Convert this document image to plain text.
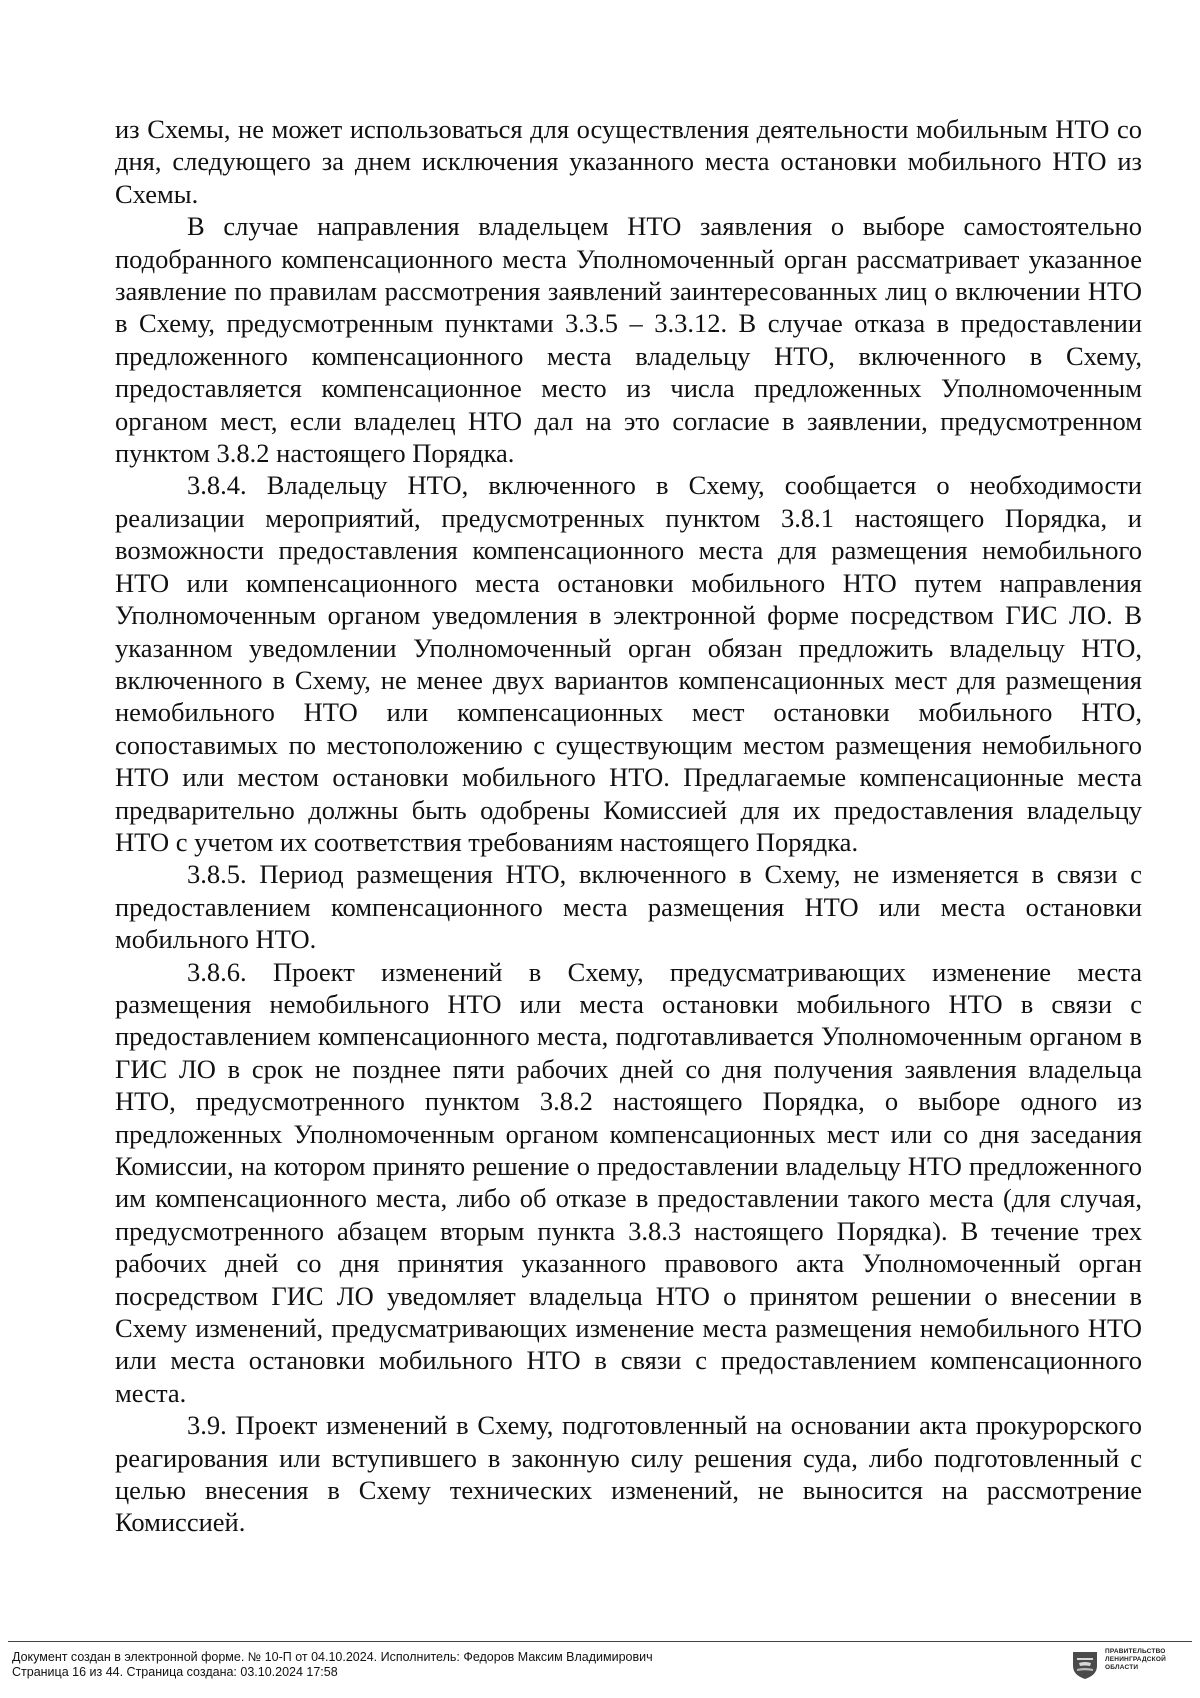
из Схемы, не может использоваться для осуществления деятельности мобильным НТО со дня, следующего за днем исключения указанного места остановки мобильного НТО из Схемы.

В случае направления владельцем НТО заявления о выборе самостоятельно подобранного компенсационного места Уполномоченный орган рассматривает указанное заявление по правилам рассмотрения заявлений заинтересованных лиц о включении НТО в Схему, предусмотренным пунктами 3.3.5 – 3.3.12. В случае отказа в предоставлении предложенного компенсационного места владельцу НТО, включенного в Схему, предоставляется компенсационное место из числа предложенных Уполномоченным органом мест, если владелец НТО дал на это согласие в заявлении, предусмотренном пунктом 3.8.2 настоящего Порядка.

3.8.4. Владельцу НТО, включенного в Схему, сообщается о необходимости реализации мероприятий, предусмотренных пунктом 3.8.1 настоящего Порядка, и возможности предоставления компенсационного места для размещения немобильного НТО или компенсационного места остановки мобильного НТО путем направления Уполномоченным органом уведомления в электронной форме посредством ГИС ЛО. В указанном уведомлении Уполномоченный орган обязан предложить владельцу НТО, включенного в Схему, не менее двух вариантов компенсационных мест для размещения немобильного НТО или компенсационных мест остановки мобильного НТО, сопоставимых по местоположению с существующим местом размещения немобильного НТО или местом остановки мобильного НТО. Предлагаемые компенсационные места предварительно должны быть одобрены Комиссией для их предоставления владельцу НТО с учетом их соответствия требованиям настоящего Порядка.

3.8.5. Период размещения НТО, включенного в Схему, не изменяется в связи с предоставлением компенсационного места размещения НТО или места остановки мобильного НТО.

3.8.6. Проект изменений в Схему, предусматривающих изменение места размещения немобильного НТО или места остановки мобильного НТО в связи с предоставлением компенсационного места, подготавливается Уполномоченным органом в ГИС ЛО в срок не позднее пяти рабочих дней со дня получения заявления владельца НТО, предусмотренного пунктом 3.8.2 настоящего Порядка, о выборе одного из предложенных Уполномоченным органом компенсационных мест или со дня заседания Комиссии, на котором принято решение о предоставлении владельцу НТО предложенного им компенсационного места, либо об отказе в предоставлении такого места (для случая, предусмотренного абзацем вторым пункта 3.8.3 настоящего Порядка). В течение трех рабочих дней со дня принятия указанного правового акта Уполномоченный орган посредством ГИС ЛО уведомляет владельца НТО о принятом решении о внесении в Схему изменений, предусматривающих изменение места размещения немобильного НТО или места остановки мобильного НТО в связи с предоставлением компенсационного места.

3.9. Проект изменений в Схему, подготовленный на основании акта прокурорского реагирования или вступившего в законную силу решения суда, либо подготовленный с целью внесения в Схему технических изменений, не выносится на рассмотрение Комиссией.

Документ создан в электронной форме. № 10-П от 04.10.2024. Исполнитель: Федоров Максим Владимирович
Страница 16 из 44. Страница создана: 03.10.2024 17:58
ПРАВИТЕЛЬСТВО
ЛЕНИНГРАДСКОЙ
ОБЛАСТИ
